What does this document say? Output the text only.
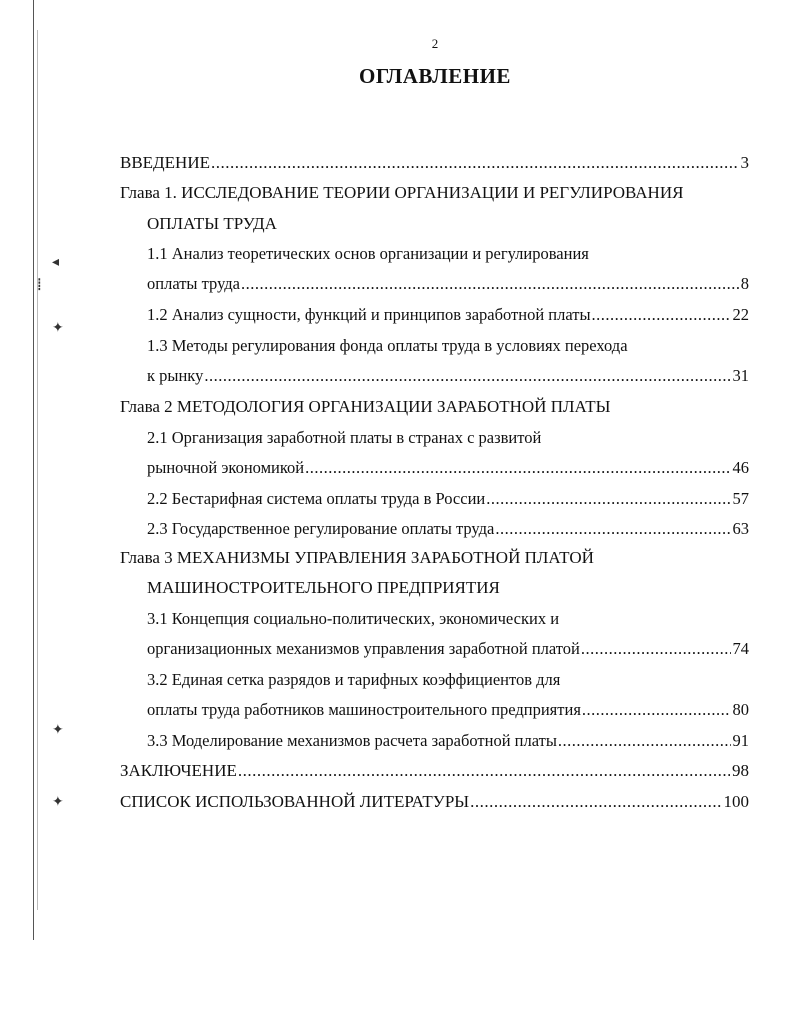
◂
┋
✦
✦
✦
2
ОГЛАВЛЕНИЕ
ВВЕДЕНИЕ .....	3
Глава 1. ИССЛЕДОВАНИЕ ТЕОРИИ ОРГАНИЗАЦИИ И РЕГУЛИРОВАНИЯ
ОПЛАТЫ ТРУДА
1.1 Анализ теоретических основ организации и регулирования
оплаты труда .....	8
1.2 Анализ сущности, функций и принципов заработной платы .....	22
1.3 Методы регулирования фонда оплаты труда в условиях перехода
к рынку .....	31
Глава 2 МЕТОДОЛОГИЯ ОРГАНИЗАЦИИ ЗАРАБОТНОЙ ПЛАТЫ
2.1 Организация заработной платы в странах с развитой
рыночной экономикой .....	46
2.2 Бестарифная система оплаты труда в России .....	57
2.3 Государственное регулирование оплаты труда .....	63
Глава 3 МЕХАНИЗМЫ УПРАВЛЕНИЯ ЗАРАБОТНОЙ ПЛАТОЙ
МАШИНОСТРОИТЕЛЬНОГО ПРЕДПРИЯТИЯ
3.1 Концепция социально-политических, экономических и
организационных механизмов управления заработной платой .....	74
3.2 Единая сетка разрядов и тарифных коэффициентов для
оплаты труда работников машиностроительного предприятия .....	80
3.3 Моделирование механизмов расчета заработной платы .....	91
ЗАКЛЮЧЕНИЕ .....	98
СПИСОК ИСПОЛЬЗОВАННОЙ ЛИТЕРАТУРЫ .....	100
